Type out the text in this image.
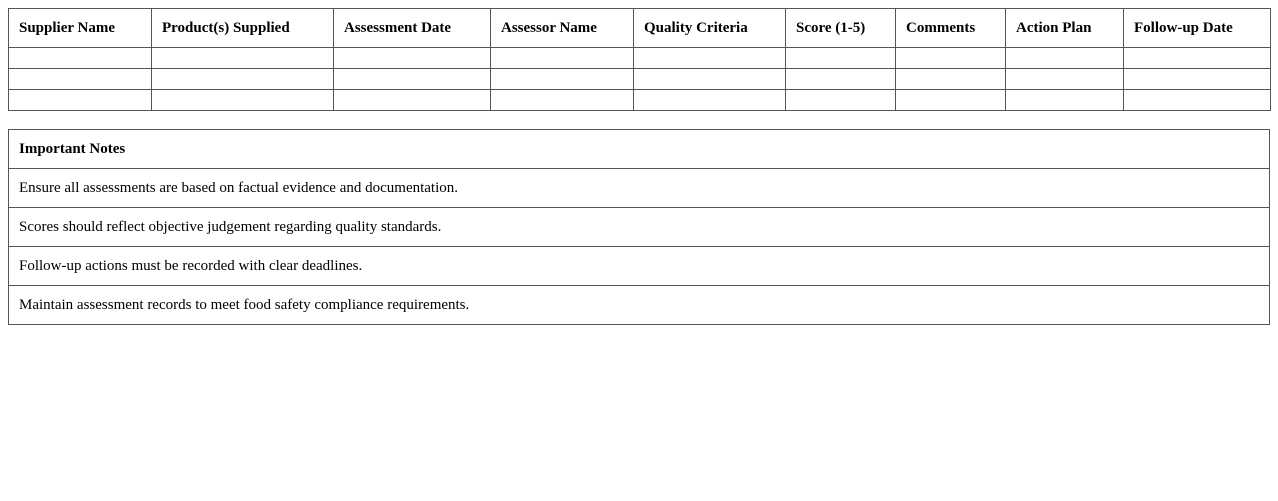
Supplier Name	Product(s) Supplied	Assessment Date	Assessor Name	Quality Criteria	Score (1-5)	Comments	Action Plan	Follow-up Date

Important Notes
Ensure all assessments are based on factual evidence and documentation.
Scores should reflect objective judgement regarding quality standards.
Follow-up actions must be recorded with clear deadlines.
Maintain assessment records to meet food safety compliance requirements.
